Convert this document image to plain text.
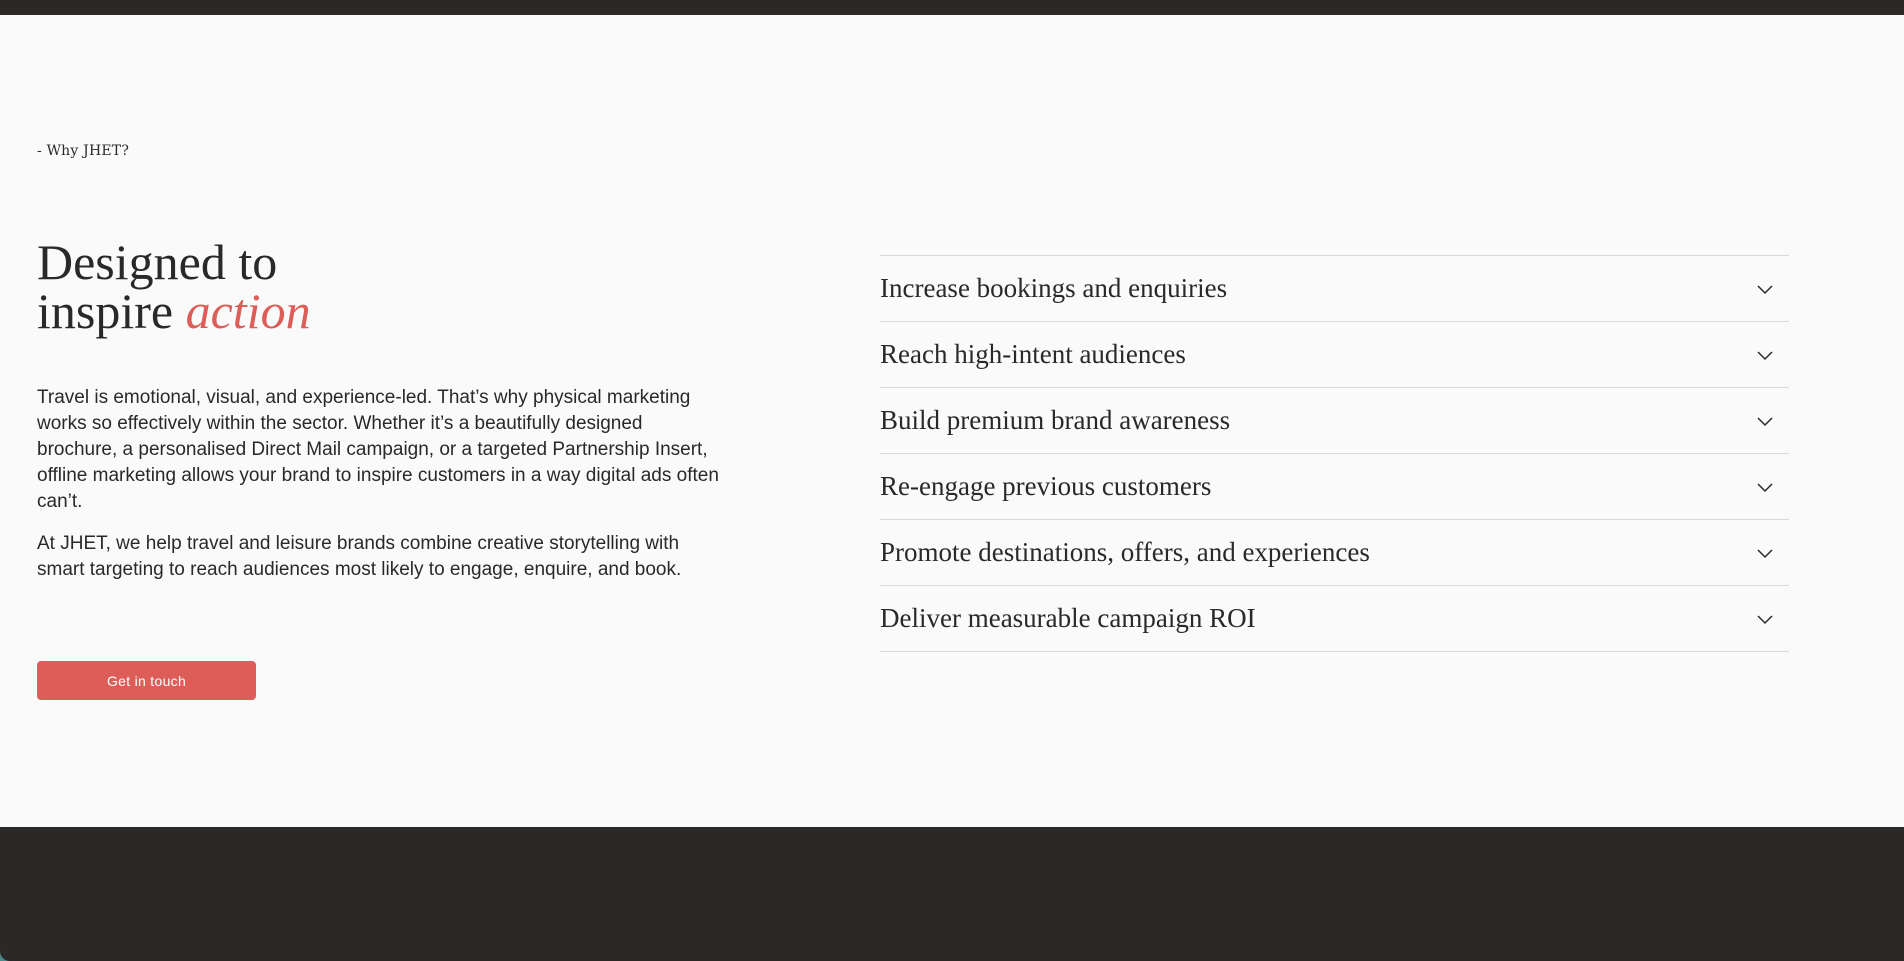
- Why JHET?
Designed to
inspire action

Travel is emotional, visual, and experience-led. That’s why physical marketing works so effectively within the sector. Whether it’s a beautifully designed brochure, a personalised Direct Mail campaign, or a targeted Partnership Insert, offline marketing allows your brand to inspire customers in a way digital ads often can’t.

At JHET, we help travel and leisure brands combine creative storytelling with smart targeting to reach audiences most likely to engage, enquire, and book.

Get in touch
Increase bookings and enquiries
Reach high-intent audiences
Build premium brand awareness
Re-engage previous customers
Promote destinations, offers, and experiences
Deliver measurable campaign ROI
